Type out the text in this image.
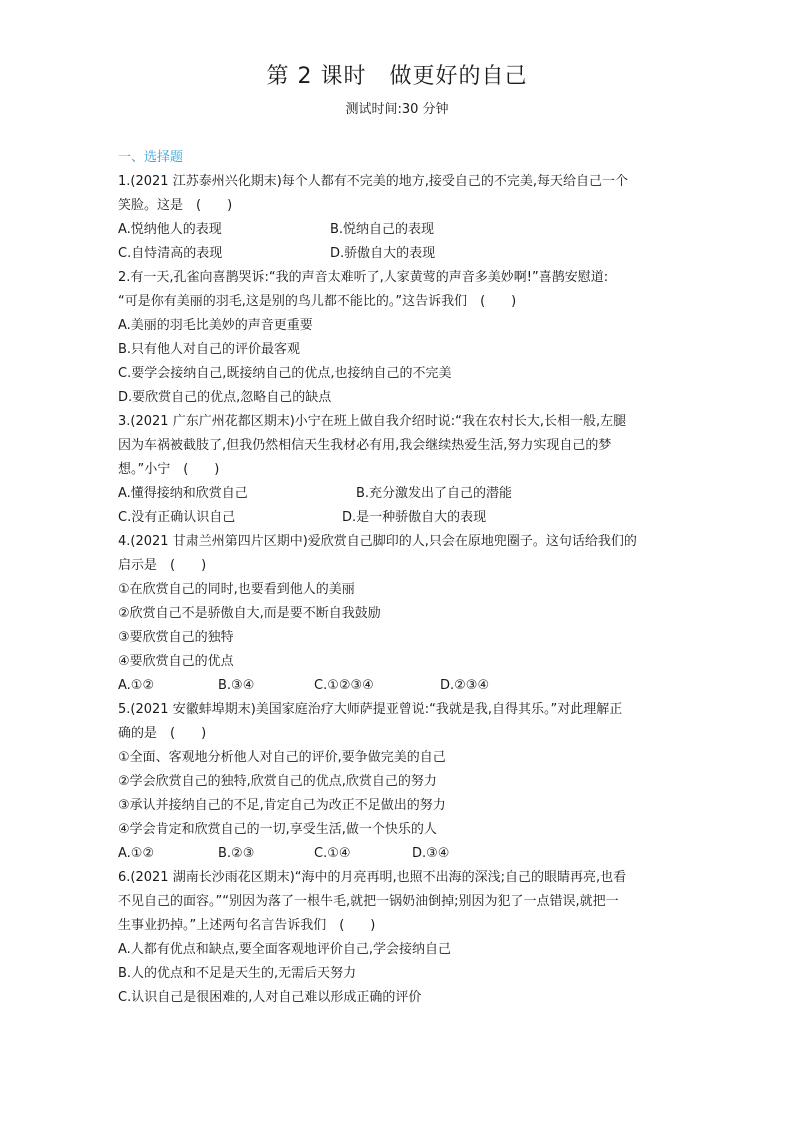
第 2 课时　做更好的自己
测试时间:30 分钟
一、选择题
1.(2021 江苏泰州兴化期末)每个人都有不完美的地方,接受自己的不完美,每天给自己一个
笑脸。这是　(　　)
A.悦纳他人的表现	B.悦纳自己的表现
C.自恃清高的表现	D.骄傲自大的表现
2.有一天,孔雀向喜鹊哭诉:“我的声音太难听了,人家黄莺的声音多美妙啊!”喜鹊安慰道:
“可是你有美丽的羽毛,这是别的鸟儿都不能比的。”这告诉我们　(　　)
A.美丽的羽毛比美妙的声音更重要
B.只有他人对自己的评价最客观
C.要学会接纳自己,既接纳自己的优点,也接纳自己的不完美
D.要欣赏自己的优点,忽略自己的缺点
3.(2021 广东广州花都区期末)小宁在班上做自我介绍时说:“我在农村长大,长相一般,左腿
因为车祸被截肢了,但我仍然相信天生我材必有用,我会继续热爱生活,努力实现自己的梦
想。”小宁　(　　)
A.懂得接纳和欣赏自己	B.充分激发出了自己的潜能
C.没有正确认识自己	D.是一种骄傲自大的表现
4.(2021 甘肃兰州第四片区期中)爱欣赏自己脚印的人,只会在原地兜圈子。这句话给我们的
启示是　(　　)
①在欣赏自己的同时,也要看到他人的美丽
②欣赏自己不是骄傲自大,而是要不断自我鼓励
③要欣赏自己的独特
④要欣赏自己的优点
A.①②	B.③④	C.①②③④	D.②③④
5.(2021 安徽蚌埠期末)美国家庭治疗大师萨提亚曾说:“我就是我,自得其乐。”对此理解正
确的是　(　　)
①全面、客观地分析他人对自己的评价,要争做完美的自己
②学会欣赏自己的独特,欣赏自己的优点,欣赏自己的努力
③承认并接纳自己的不足,肯定自己为改正不足做出的努力
④学会肯定和欣赏自己的一切,享受生活,做一个快乐的人
A.①②	B.②③	C.①④	D.③④
6.(2021 湖南长沙雨花区期末)“海中的月亮再明,也照不出海的深浅;自己的眼睛再亮,也看
不见自己的面容。”“别因为落了一根牛毛,就把一锅奶油倒掉;别因为犯了一点错误,就把一
生事业扔掉。”上述两句名言告诉我们　(　　)
A.人都有优点和缺点,要全面客观地评价自己,学会接纳自己
B.人的优点和不足是天生的,无需后天努力
C.认识自己是很困难的,人对自己难以形成正确的评价
